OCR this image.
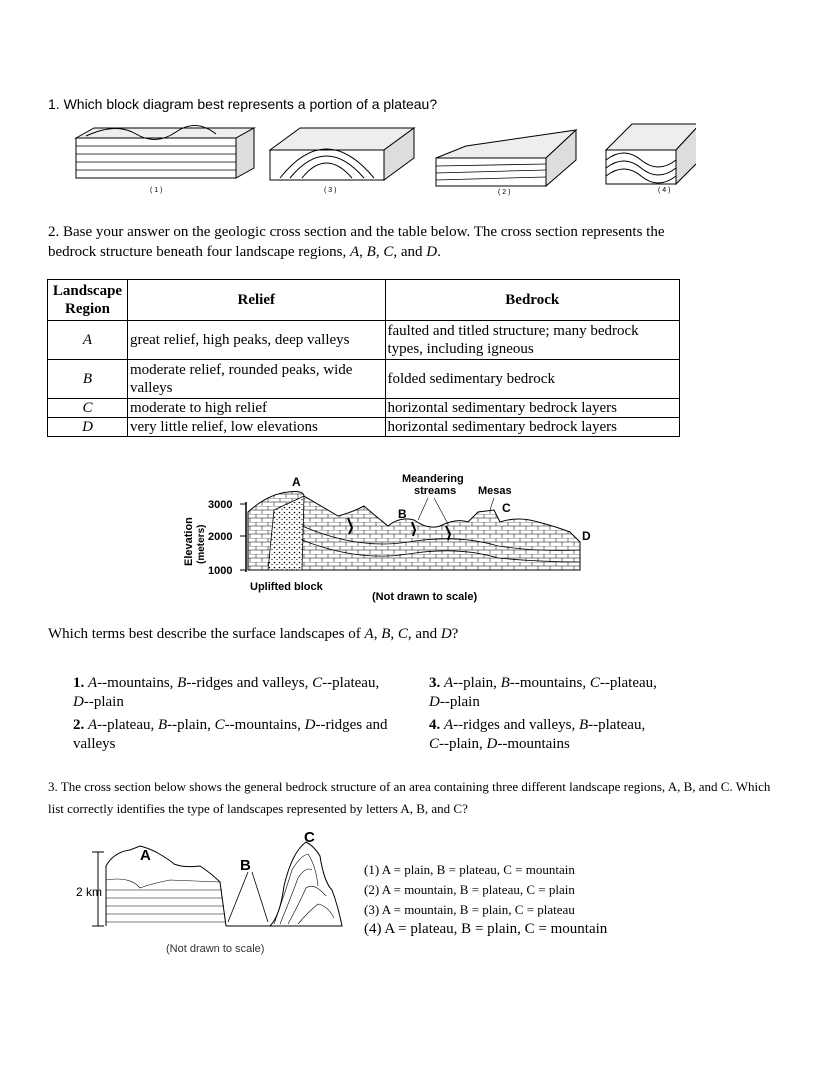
1. Which block diagram best represents a portion of a plateau?
( 1 )	( 3 )	( 2 )	( 4 )
2. Base your answer on the geologic cross section and the table below. The cross section represents the
bedrock structure beneath four landscape regions, A, B, C, and D.
Landscape Region	Relief	Bedrock
A	great relief, high peaks, deep valleys	faulted and titled structure; many bedrock types, including igneous
B	moderate relief, rounded peaks, wide valleys	folded sedimentary bedrock
C	moderate to high relief	horizontal sedimentary bedrock layers
D	very little relief, low elevations	horizontal sedimentary bedrock layers
Elevation (meters)
3000
2000
1000
A
B	C
D
Meandering
streams Mesas
Uplifted block
(Not drawn to scale)
Which terms best describe the surface landscapes of A, B, C, and D?
1. A--mountains, B--ridges and valleys, C--plateau,
D--plain
2. A--plateau, B--plain, C--mountains, D--ridges and
valleys
3. A--plain, B--mountains, C--plateau,
D--plain
4. A--ridges and valleys, B--plateau,
C--plain, D--mountains
3. The cross section below shows the general bedrock structure of an area containing three different landscape regions, A, B, and C. Which list correctly identifies the type of landscapes represented by letters A, B, and C?
2 km
A
B
C
(Not drawn to scale)
(1) A = plain, B = plateau, C = mountain
(2) A = mountain, B = plateau, C = plain
(3) A = mountain, B = plain, C = plateau
(4) A = plateau, B = plain, C = mountain
